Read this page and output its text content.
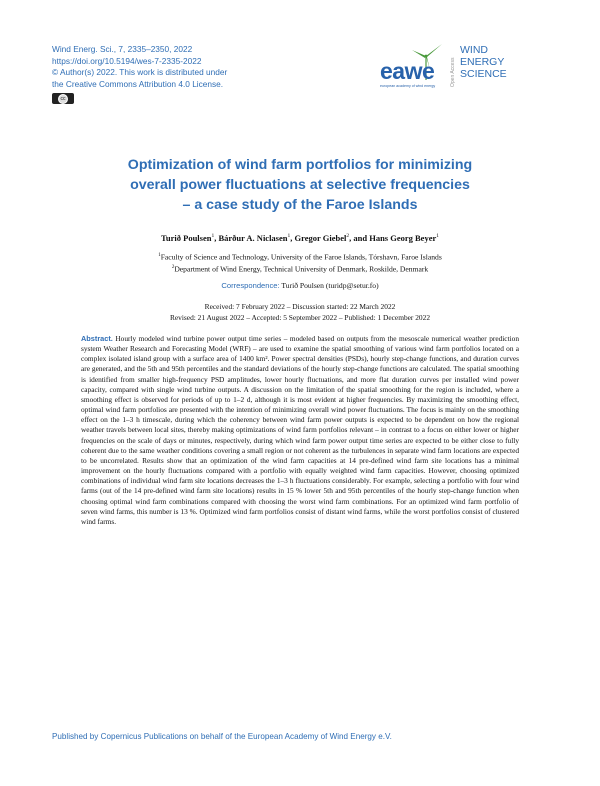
Wind Energ. Sci., 7, 2335–2350, 2022
https://doi.org/10.5194/wes-7-2335-2022
© Author(s) 2022. This work is distributed under
the Creative Commons Attribution 4.0 License.
cc
eawe
european academy of wind energy	Open Access
WIND
ENERGY
SCIENCE
Optimization of wind farm portfolios for minimizing
overall power fluctuations at selective frequencies
– a case study of the Faroe Islands
Turið Poulsen$^1$, Bárður A. Niclasen$^1$, Gregor Giebel$^2$, and Hans Georg Beyer$^1$
$^1$Faculty of Science and Technology, University of the Faroe Islands, Tórshavn, Faroe Islands
$^2$Department of Wind Energy, Technical University of Denmark, Roskilde, Denmark
Correspondence: Turið Poulsen (turidp@setur.fo)
Received: 7 February 2022 – Discussion started: 22 March 2022
Revised: 21 August 2022 – Accepted: 5 September 2022 – Published: 1 December 2022
Abstract. Hourly modeled wind turbine power output time series – modeled based on outputs from the mesoscale numerical weather prediction system Weather Research and Forecasting Model (WRF) – are used to examine the spatial smoothing of various wind farm portfolios located on a complex isolated island group with a surface area of 1400 km². Power spectral densities (PSDs), hourly step-change functions, and duration curves are generated, and the 5th and 95th percentiles and the standard deviations of the hourly step-change functions are calculated. The spatial smoothing is identified from smaller high-frequency PSD amplitudes, lower hourly fluctuations, and more flat duration curves per installed wind power capacity, compared with single wind turbine outputs. A discussion on the limitation of the spatial smoothing for the region is included, where a smoothing effect is observed for periods of up to 1–2 d, although it is most evident at higher frequencies. By maximizing the smoothing effect, optimal wind farm portfolios are presented with the intention of minimizing overall wind power fluctuations. The focus is mainly on the smoothing effect on the 1–3 h timescale, during which the coherency between wind farm power outputs is expected to be dependent on how the regional weather travels between local sites, thereby making optimizations of wind farm portfolios relevant – in contrast to a focus on either lower or higher frequencies on the scale of days or minutes, respectively, during which wind farm power output time series are expected to be either close to fully coherent due to the same weather conditions covering a small region or not coherent as the turbulences in separate wind farm locations are expected to be uncorrelated. Results show that an optimization of the wind farm capacities at 14 pre-defined wind farm site locations has a minimal improvement on the hourly fluctuations compared with a portfolio with equally weighted wind farm capacities. However, choosing optimized combinations of individual wind farm site locations decreases the 1–3 h fluctuations considerably. For example, selecting a portfolio with four wind farms (out of the 14 pre-defined wind farm site locations) results in 15 % lower 5th and 95th percentiles of the hourly step-change function when choosing optimal wind farm combinations compared with choosing the worst wind farm combinations. For an optimized wind farm portfolio of seven wind farms, this number is 13 %. Optimized wind farm portfolios consist of distant wind farms, while the worst portfolios consist of clustered wind farms.
Published by Copernicus Publications on behalf of the European Academy of Wind Energy e.V.
